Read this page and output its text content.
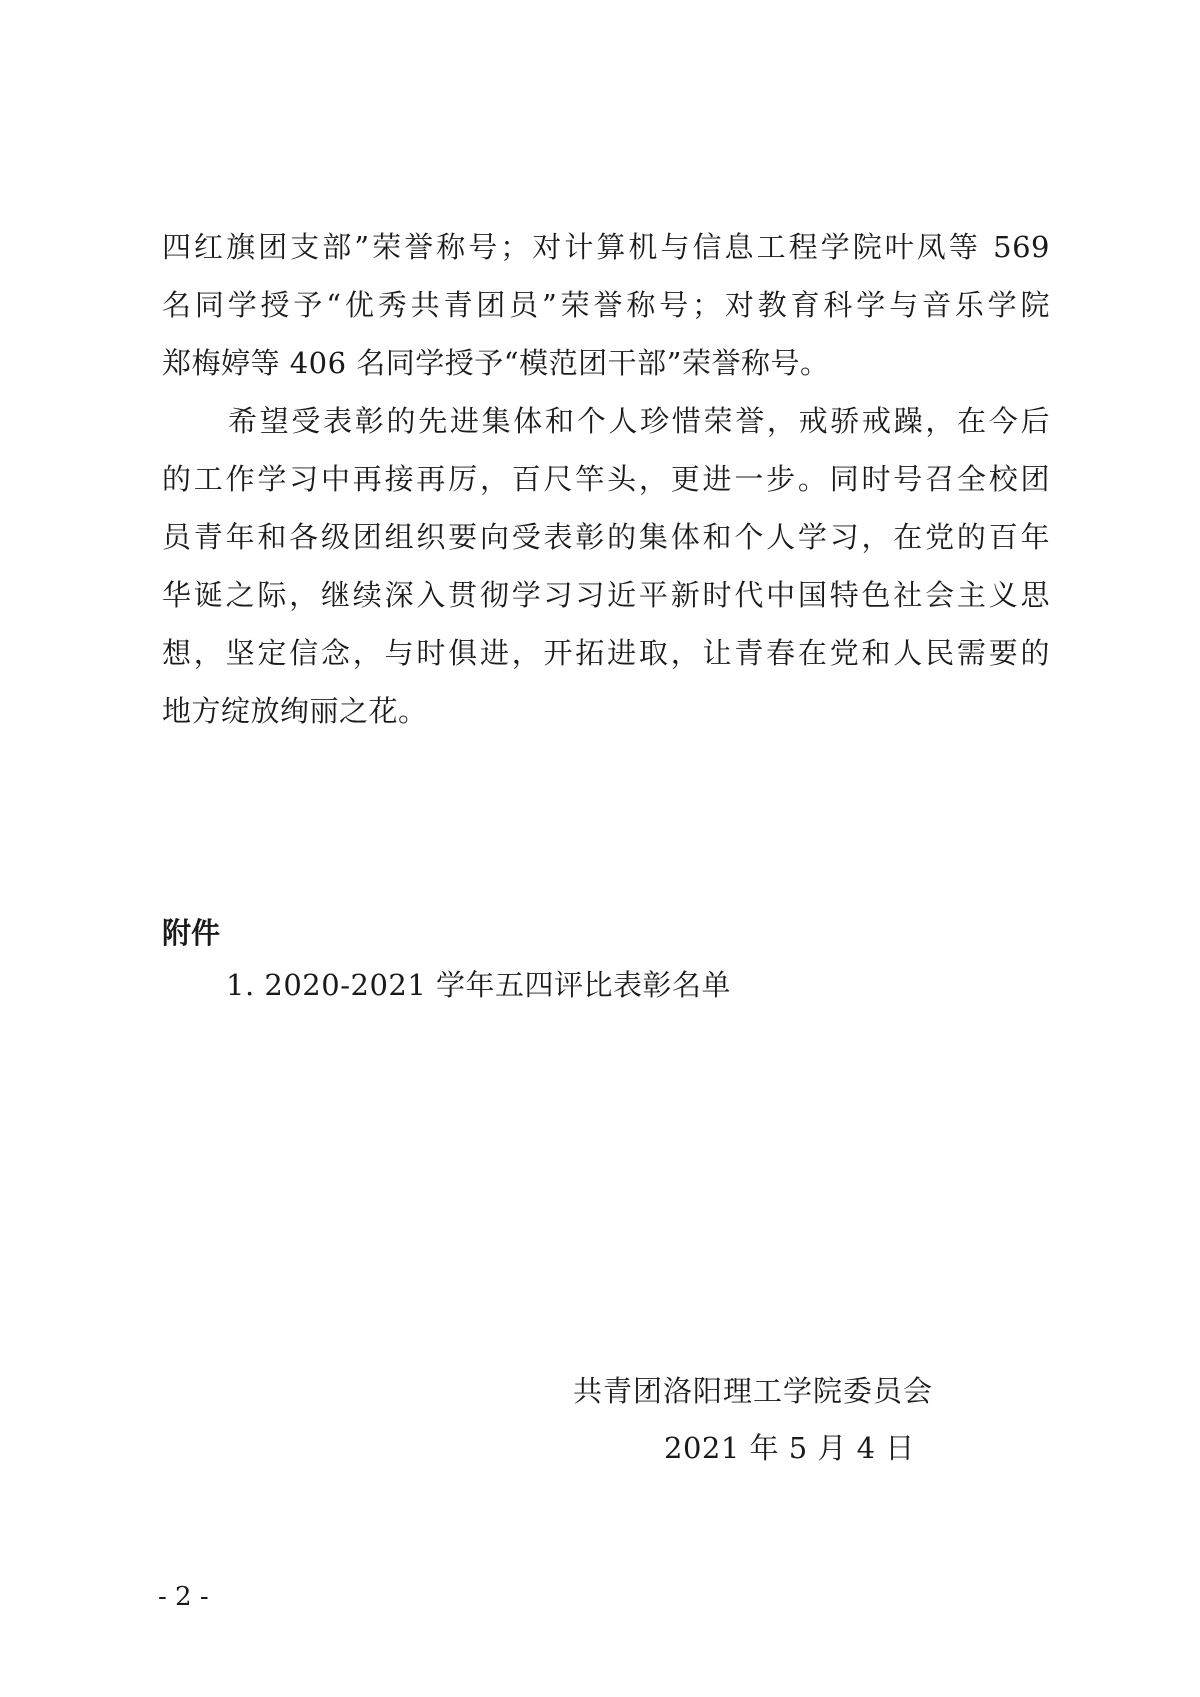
四红旗团支部”荣誉称号；对计算机与信息工程学院叶凤等 569
名同学授予“优秀共青团员”荣誉称号；对教育科学与音乐学院
郑梅婷等 406 名同学授予“模范团干部”荣誉称号。
希望受表彰的先进集体和个人珍惜荣誉，戒骄戒躁，在今后
的工作学习中再接再厉，百尺竿头，更进一步。同时号召全校团
员青年和各级团组织要向受表彰的集体和个人学习，在党的百年
华诞之际，继续深入贯彻学习习近平新时代中国特色社会主义思
想，坚定信念，与时俱进，开拓进取，让青春在党和人民需要的
地方绽放绚丽之花。
附件
1. 2020-2021 学年五四评比表彰名单
共青团洛阳理工学院委员会
2021 年 5 月 4 日
- 2 -
